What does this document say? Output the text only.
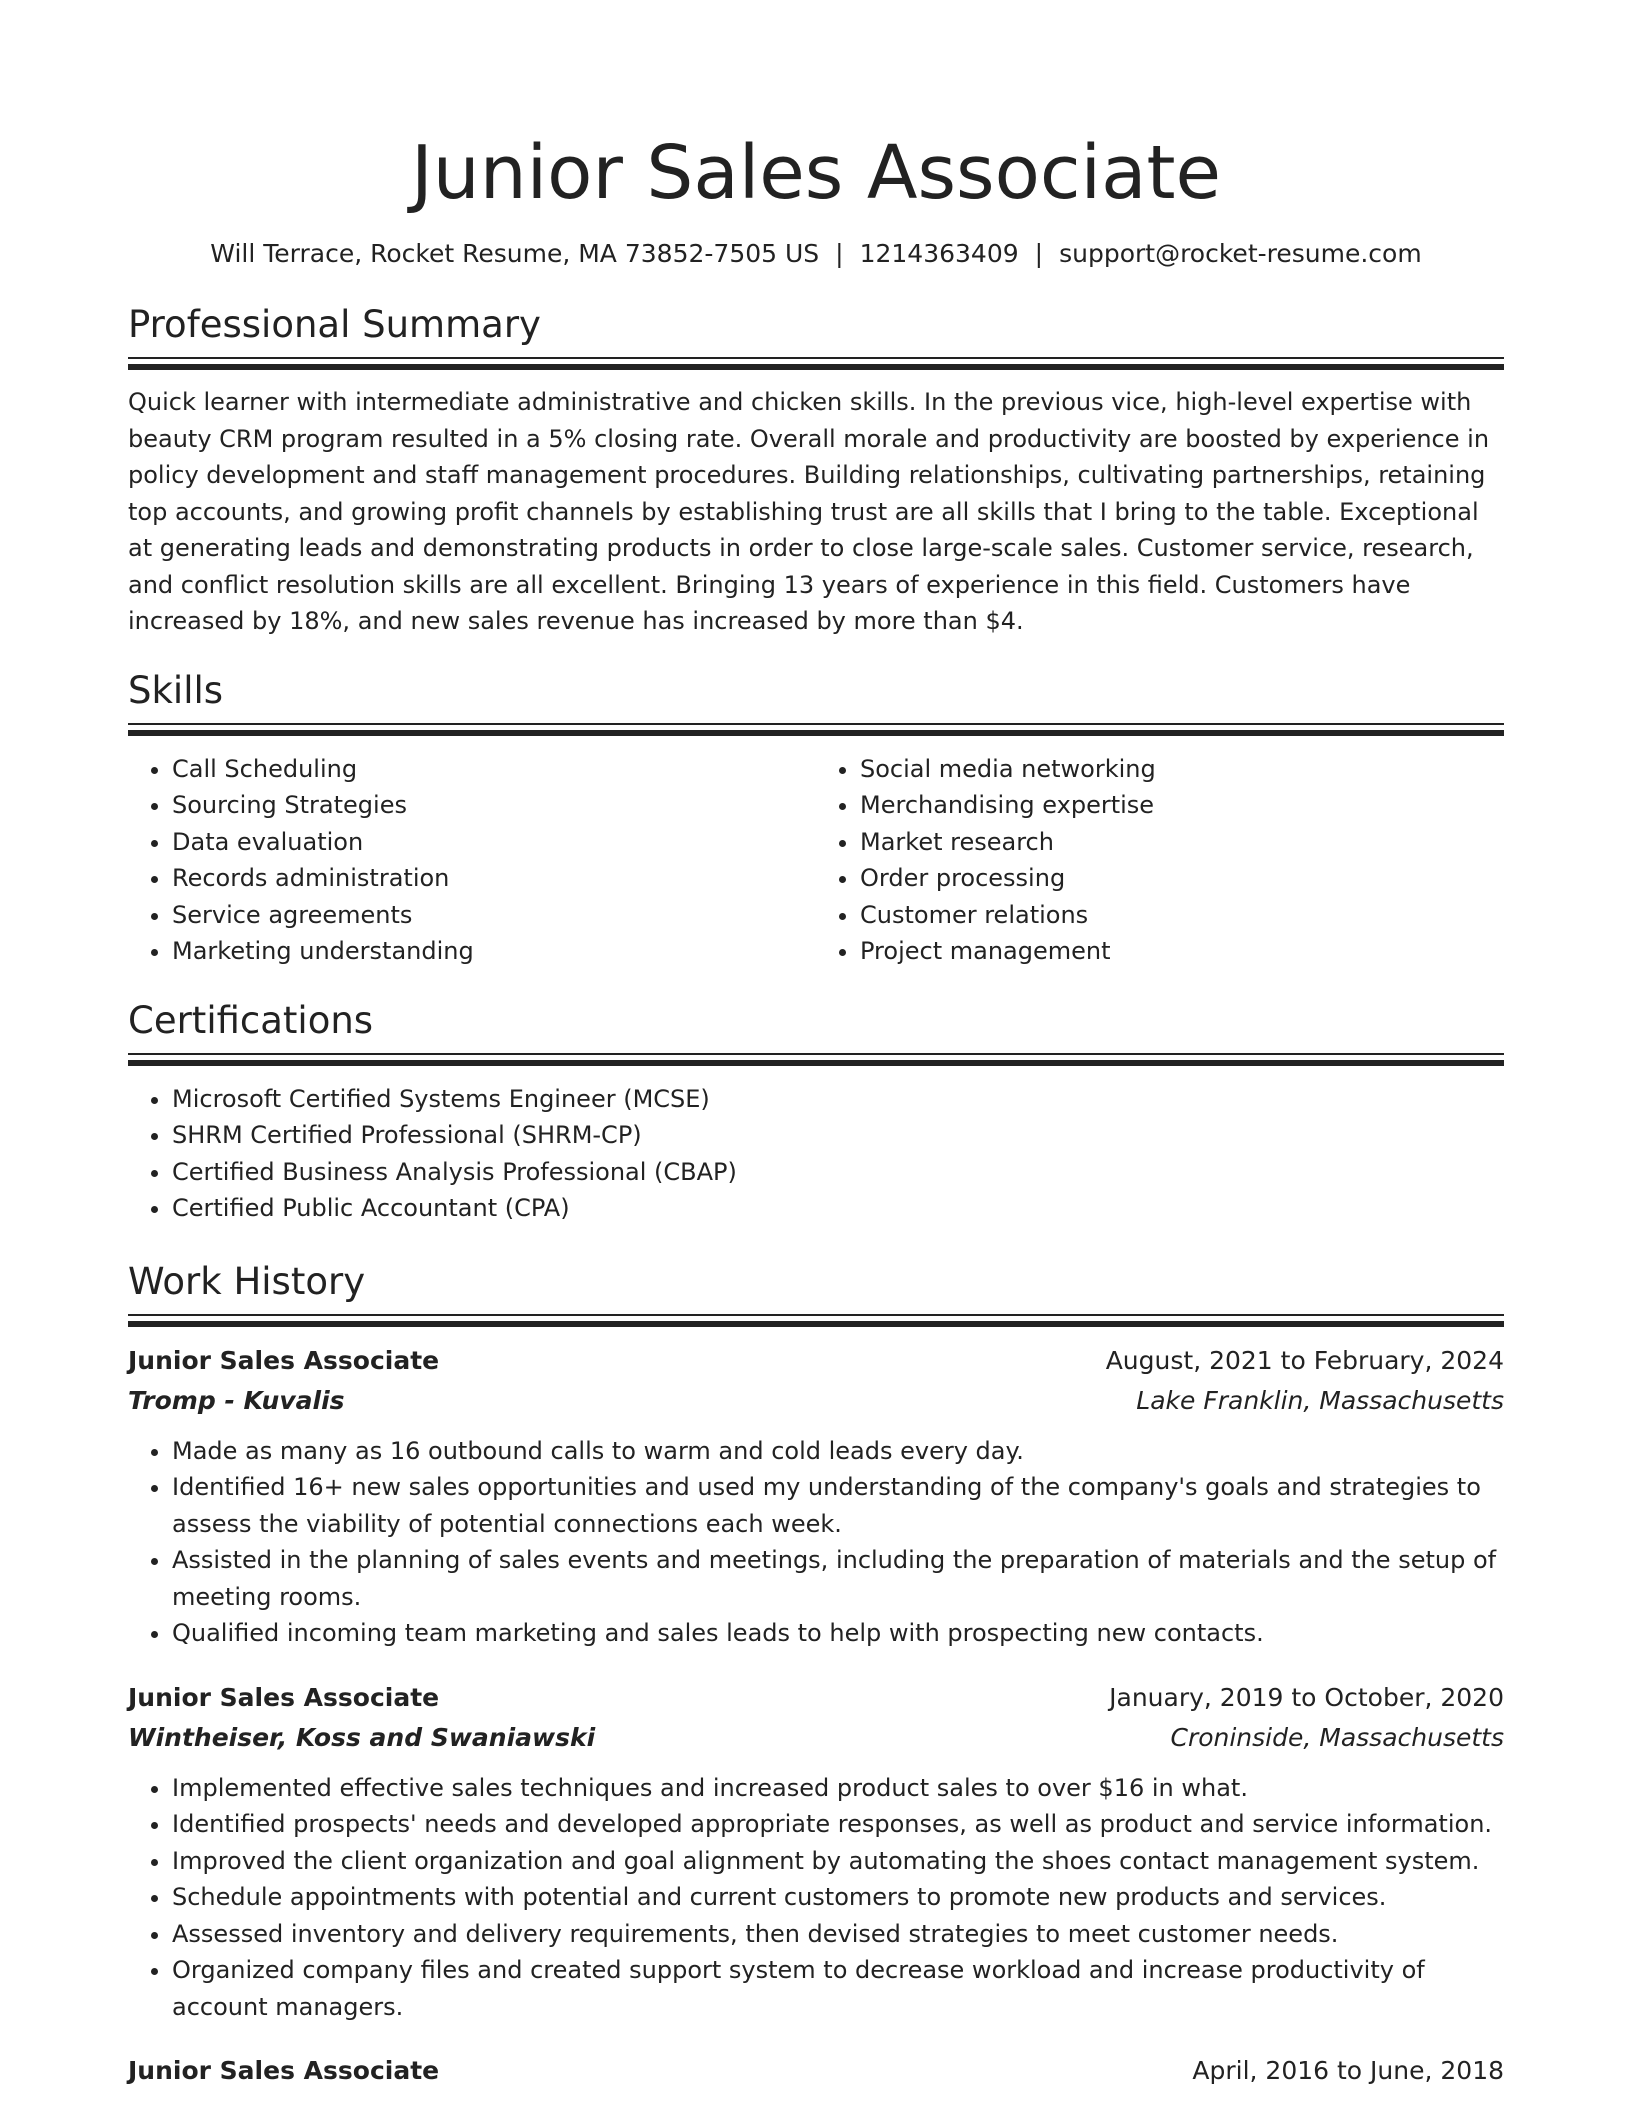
Junior Sales Associate
Will Terrace, Rocket Resume, MA 73852-7505 US | 1214363409 | support@rocket-resume.com
Professional Summary

Quick learner with intermediate administrative and chicken skills. In the previous vice, high-level expertise with beauty CRM program resulted in a 5% closing rate. Overall morale and productivity are boosted by experience in policy development and staff management procedures. Building relationships, cultivating partnerships, retaining top accounts, and growing profit channels by establishing trust are all skills that I bring to the table. Exceptional at generating leads and demonstrating products in order to close large-scale sales. Customer service, research, and conflict resolution skills are all excellent. Bringing 13 years of experience in this field. Customers have increased by 18%, and new sales revenue has increased by more than $4.

Skills
• Call Scheduling
• Sourcing Strategies
• Data evaluation
• Records administration
• Service agreements
• Marketing understanding
• Social media networking
• Merchandising expertise
• Market research
• Order processing
• Customer relations
• Project management
Certifications
• Microsoft Certified Systems Engineer (MCSE)
• SHRM Certified Professional (SHRM-CP)
• Certified Business Analysis Professional (CBAP)
• Certified Public Accountant (CPA)
Work History
Junior Sales Associate	August, 2021 to February, 2024
Tromp - Kuvalis	Lake Franklin, Massachusetts
• Made as many as 16 outbound calls to warm and cold leads every day.
• Identified 16+ new sales opportunities and used my understanding of the company's goals and strategies to assess the viability of potential connections each week.
• Assisted in the planning of sales events and meetings, including the preparation of materials and the setup of meeting rooms.
• Qualified incoming team marketing and sales leads to help with prospecting new contacts.
Junior Sales Associate	January, 2019 to October, 2020
Wintheiser, Koss and Swaniawski	Croninside, Massachusetts
• Implemented effective sales techniques and increased product sales to over $16 in what.
• Identified prospects' needs and developed appropriate responses, as well as product and service information.
• Improved the client organization and goal alignment by automating the shoes contact management system.
• Schedule appointments with potential and current customers to promote new products and services.
• Assessed inventory and delivery requirements, then devised strategies to meet customer needs.
• Organized company files and created support system to decrease workload and increase productivity of account managers.
Junior Sales Associate	April, 2016 to June, 2018
